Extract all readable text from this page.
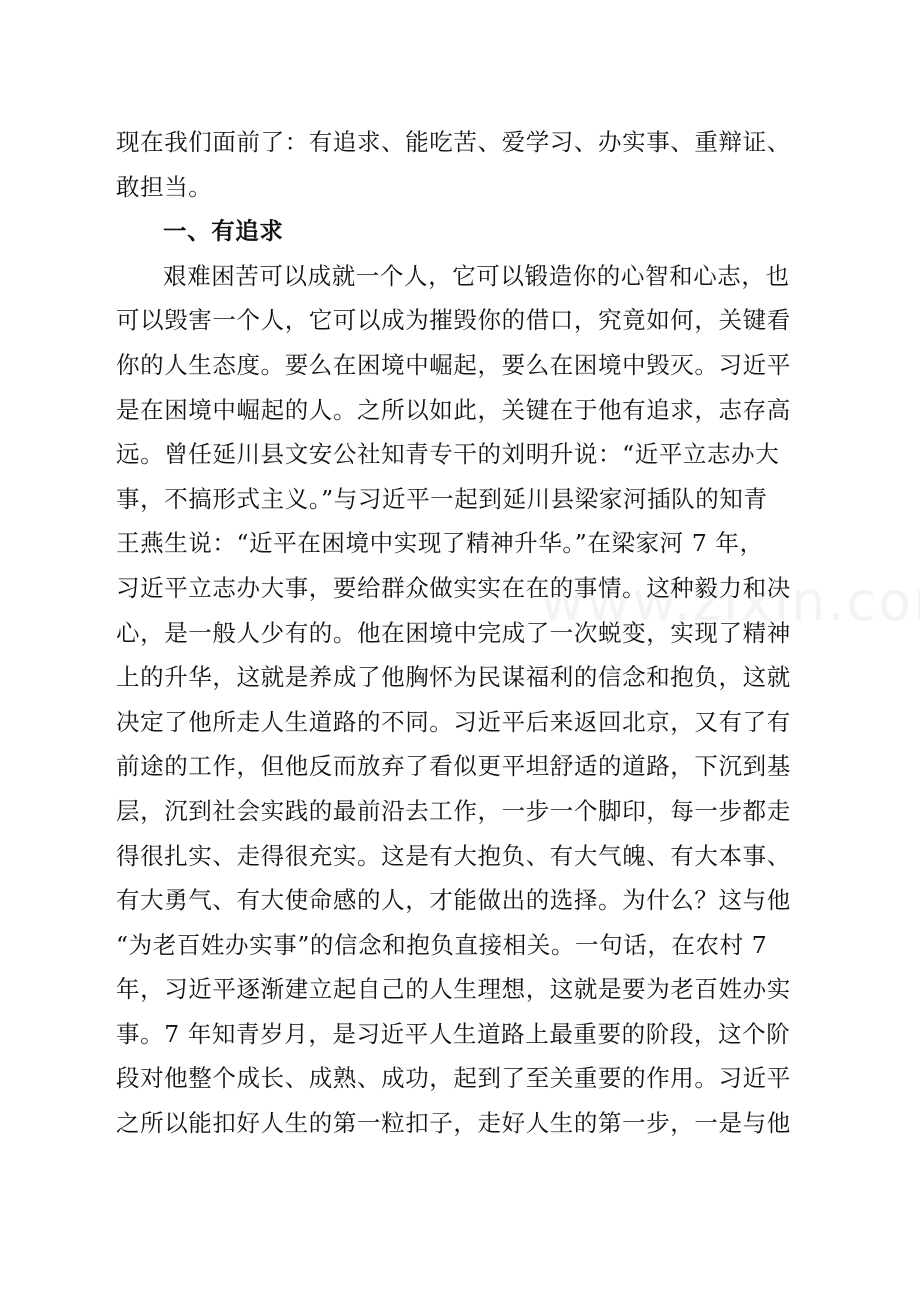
现在我们面前了：有追求、能吃苦、爱学习、办实事、重辩证、
敢担当。
一、有追求
艰难困苦可以成就一个人，它可以锻造你的心智和心志，也
可以毁害一个人，它可以成为摧毁你的借口，究竟如何，关键看
你的人生态度。要么在困境中崛起，要么在困境中毁灭。习近平
是在困境中崛起的人。之所以如此，关键在于他有追求，志存高
远。曾任延川县文安公社知青专干的刘明升说：“近平立志办大
事，不搞形式主义。”与习近平一起到延川县梁家河插队的知青
王燕生说：“近平在困境中实现了精神升华。”在梁家河 7 年，
习近平立志办大事，要给群众做实实在在的事情。这种毅力和决
心，是一般人少有的。他在困境中完成了一次蜕变，实现了精神
上的升华，这就是养成了他胸怀为民谋福利的信念和抱负，这就
决定了他所走人生道路的不同。习近平后来返回北京，又有了有
前途的工作，但他反而放弃了看似更平坦舒适的道路，下沉到基
层，沉到社会实践的最前沿去工作，一步一个脚印，每一步都走
得很扎实、走得很充实。这是有大抱负、有大气魄、有大本事、
有大勇气、有大使命感的人，才能做出的选择。为什么？这与他
“为老百姓办实事”的信念和抱负直接相关。一句话，在农村 7
年，习近平逐渐建立起自己的人生理想，这就是要为老百姓办实
事。7 年知青岁月，是习近平人生道路上最重要的阶段，这个阶
段对他整个成长、成熟、成功，起到了至关重要的作用。习近平
之所以能扣好人生的第一粒扣子，走好人生的第一步，一是与他
